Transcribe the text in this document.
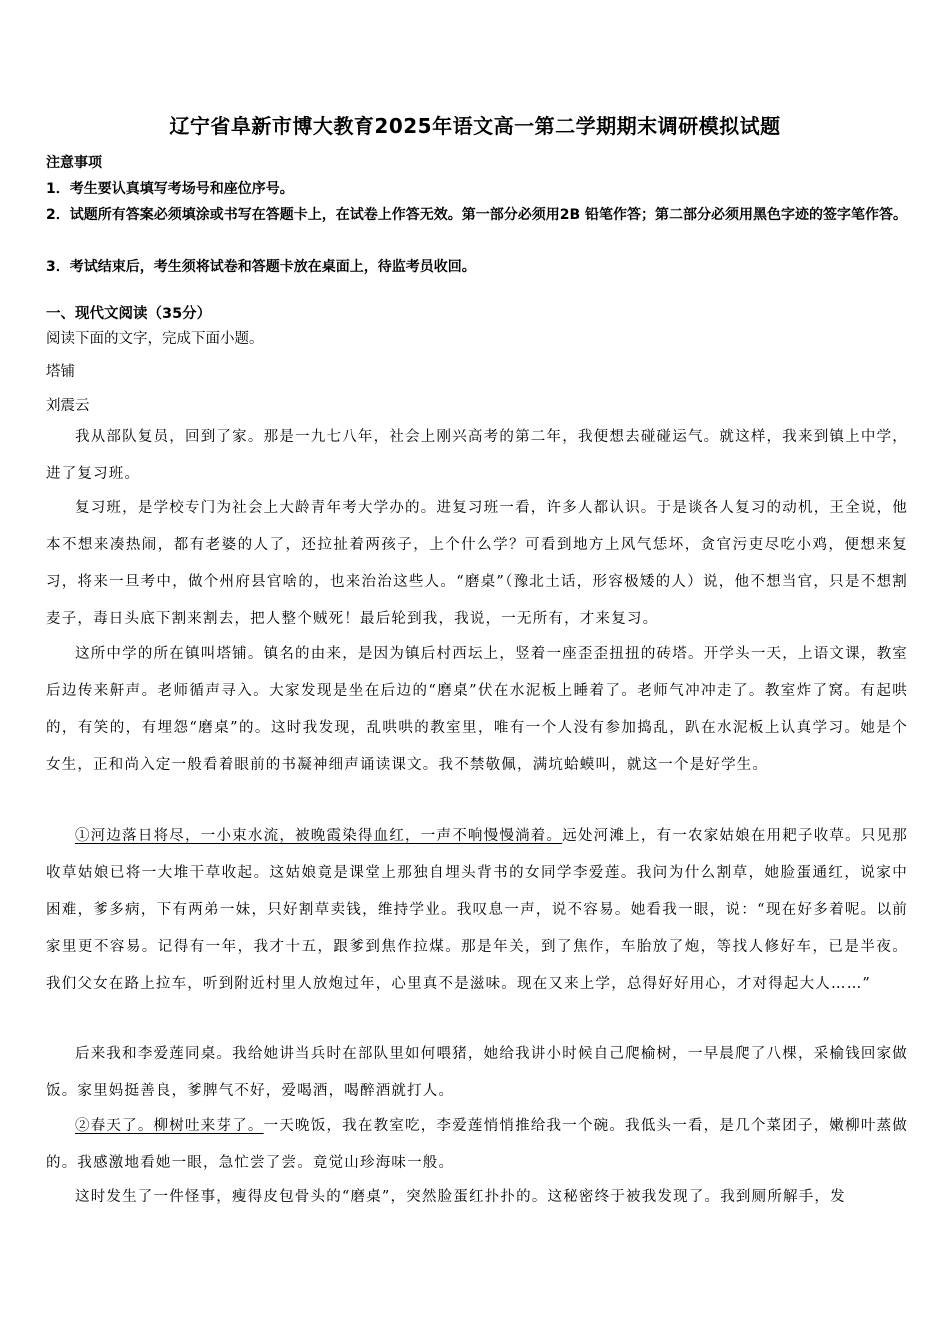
辽宁省阜新市博大教育2025年语文高一第二学期期末调研模拟试题
注意事项
1．考生要认真填写考场号和座位序号。
2．试题所有答案必须填涂或书写在答题卡上，在试卷上作答无效。第一部分必须用2B 铅笔作答；第二部分必须用黑色字迹的签字笔作答。
3．考试结束后，考生须将试卷和答题卡放在桌面上，待监考员收回。
一、现代文阅读（35分）
阅读下面的文字，完成下面小题。
塔铺
刘震云
我从部队复员，回到了家。那是一九七八年，社会上刚兴高考的第二年，我便想去碰碰运气。就这样，我来到镇上中学，进了复习班。
复习班，是学校专门为社会上大龄青年考大学办的。进复习班一看，许多人都认识。于是谈各人复习的动机，王全说，他本不想来凑热闹，都有老婆的人了，还拉扯着两孩子，上个什么学？可看到地方上风气恁坏，贪官污吏尽吃小鸡，便想来复习，将来一旦考中，做个州府县官啥的，也来治治这些人。“磨桌”（豫北土话，形容极矮的人）说，他不想当官，只是不想割麦子，毒日头底下割来割去，把人整个贼死！最后轮到我，我说，一无所有，才来复习。
这所中学的所在镇叫塔铺。镇名的由来，是因为镇后村西坛上，竖着一座歪歪扭扭的砖塔。开学头一天，上语文课，教室后边传来鼾声。老师循声寻入。大家发现是坐在后边的“磨桌”伏在水泥板上睡着了。老师气冲冲走了。教室炸了窝。有起哄的，有笑的，有埋怨“磨桌”的。这时我发现，乱哄哄的教室里，唯有一个人没有参加捣乱，趴在水泥板上认真学习。她是个女生，正和尚入定一般看着眼前的书凝神细声诵读课文。我不禁敬佩，满坑蛤蟆叫，就这一个是好学生。
①河边落日将尽，一小束水流，被晚霞染得血红，一声不响慢慢淌着。远处河滩上，有一农家姑娘在用耙子收草。只见那收草姑娘已将一大堆干草收起。这姑娘竟是课堂上那独自埋头背书的女同学李爱莲。我问为什么割草，她脸蛋通红，说家中困难，爹多病，下有两弟一妹，只好割草卖钱，维持学业。我叹息一声，说不容易。她看我一眼，说：“现在好多着呢。以前家里更不容易。记得有一年，我才十五，跟爹到焦作拉煤。那是年关，到了焦作，车胎放了炮，等找人修好车，已是半夜。我们父女在路上拉车，听到附近村里人放炮过年，心里真不是滋味。现在又来上学，总得好好用心，才对得起大人……”
后来我和李爱莲同桌。我给她讲当兵时在部队里如何喂猪，她给我讲小时候自己爬榆树，一早晨爬了八棵，采榆钱回家做饭。家里妈挺善良，爹脾气不好，爱喝酒，喝醉酒就打人。
②春天了。柳树吐来芽了。一天晚饭，我在教室吃，李爱莲悄悄推给我一个碗。我低头一看，是几个菜团子，嫩柳叶蒸做的。我感激地看她一眼，急忙尝了尝。竟觉山珍海味一般。
这时发生了一件怪事，瘦得皮包骨头的“磨桌”，突然脸蛋红扑扑的。这秘密终于被我发现了。我到厕所解手，发
